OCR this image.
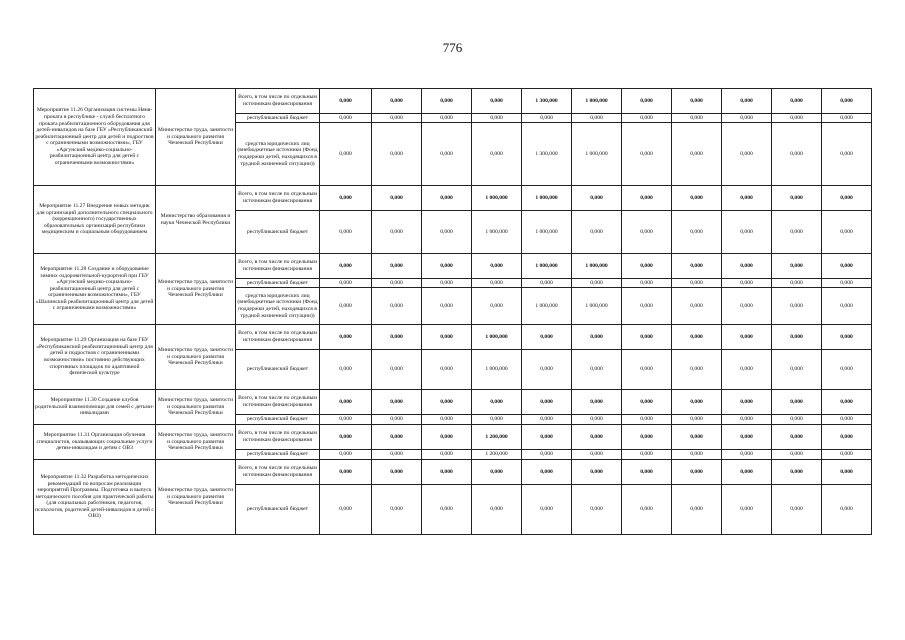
776
Мероприятие 11.26 Организация системы Няня-проката в республике - служб бесплатного проката реабилитационного оборудования для детей-инвалидов на базе ГБУ «Республиканский реабилитационный центр для детей и подростков с ограниченными возможностями», ГБУ «Аргунский медико-социально-реабилитационный центр для детей с ограниченными возможностями»	Министерство труда, занятости и социального развития Чеченской Республики	Всего, в том числе по отдельным источникам финансирования	0,000	0,000	0,000	0,000	1 300,000	1 000,000	0,000	0,000	0,000	0,000	0,000
		республиканский бюджет	0,000	0,000	0,000	0,000	0,000	0,000	0,000	0,000	0,000	0,000	0,000
		средства юридических лиц (внебюджетные источники (Фонд поддержки детей, находящихся в трудной жизненной ситуации))	0,000	0,000	0,000	0,000	1 300,000	1 000,000	0,000	0,000	0,000	0,000	0,000
Мероприятие 11.27 Внедрение новых методик для организаций дополнительного специального (коррекционного) государственных образовательных организаций республики медицинским и социальным оборудованием	Министерство образования и науки Чеченской Республики	Всего, в том числе по отдельным источникам финансирования	0,000	0,000	0,000	1 000,000	1 000,000	0,000	0,000	0,000	0,000	0,000	0,000
		республиканский бюджет	0,000	0,000	0,000	1 000,000	1 000,000	0,000	0,000	0,000	0,000	0,000	0,000
Мероприятие 11.28 Создание и оборудование зимних оздоровительной-курортной при ГБУ «Аргунский медико-социально-реабилитационный центр для детей с ограниченными возможностями», ГБУ «Шалинский реабилитационный центр для детей с ограниченными возможностями»	Министерство труда, занятости и социального развития Чеченской Республики	Всего, в том числе по отдельным источникам финансирования	0,000	0,000	0,000	0,000	1 000,000	1 000,000	0,000	0,000	0,000	0,000	0,000
		республиканский бюджет	0,000	0,000	0,000	0,000	0,000	0,000	0,000	0,000	0,000	0,000	0,000
		средства юридических лиц (внебюджетные источники (Фонд поддержки детей, находящихся в трудной жизненной ситуации))	0,000	0,000	0,000	0,000	1 000,000	1 000,000	0,000	0,000	0,000	0,000	0,000
Мероприятие 11.29 Организация на базе ГБУ «Республиканский реабилитационный центр для детей и подростков с ограниченными возможностями» постоянно действующих спортивных площадок по адаптивной физической культуре	Министерство труда, занятости и социального развития Чеченской Республики	Всего, в том числе по отдельным источникам финансирования	0,000	0,000	0,000	1 000,000	0,000	0,000	0,000	0,000	0,000	0,000	0,000
		республиканский бюджет	0,000	0,000	0,000	1 000,000	0,000	0,000	0,000	0,000	0,000	0,000	0,000
Мероприятие 11.30 Создание клубов родительской взаимопомощи для семей с детьми-инвалидами	Министерство труда, занятости и социального развития Чеченской Республики	Всего, в том числе по отдельным источникам финансирования	0,000	0,000	0,000	0,000	0,000	0,000	0,000	0,000	0,000	0,000	0,000
		республиканский бюджет	0,000	0,000	0,000	0,000	0,000	0,000	0,000	0,000	0,000	0,000	0,000
Мероприятие 11.31 Организация обучения специалистов, оказывающих социальные услуги детям-инвалидам и детям с ОВЗ	Министерство труда, занятости и социального развития Чеченской Республики	Всего, в том числе по отдельным источникам финансирования	0,000	0,000	0,000	1 200,000	0,000	0,000	0,000	0,000	0,000	0,000	0,000
		республиканский бюджет	0,000	0,000	0,000	1 200,000	0,000	0,000	0,000	0,000	0,000	0,000	0,000
Мероприятие 11.32 Разработка методических рекомендаций по вопросам реализации мероприятий Программы. Подготовка и выпуск методического пособия для практической работы (для социальных работников, педагогов, психологов, родителей детей-инвалидов и детей с ОВЗ)	Министерство труда, занятости и социального развития Чеченской Республики	Всего, в том числе по отдельным источникам финансирования	0,000	0,000	0,000	0,000	0,000	0,000	0,000	0,000	0,000	0,000	0,000
		республиканский бюджет	0,000	0,000	0,000	0,000	0,000	0,000	0,000	0,000	0,000	0,000	0,000
